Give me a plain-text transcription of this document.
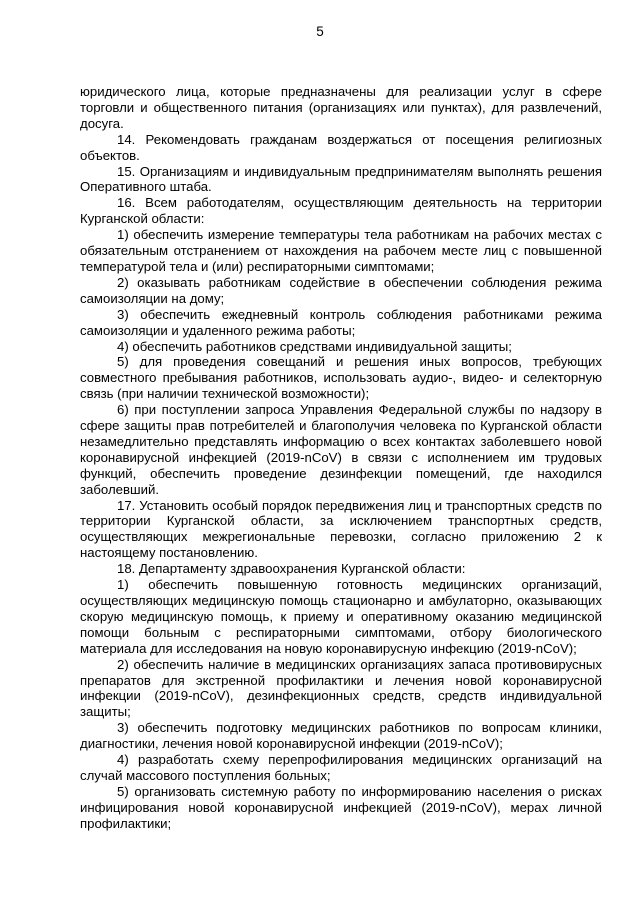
5

юридического лица, которые предназначены для реализации услуг в сфере торговли и общественного питания (организациях или пунктах), для развлечений, досуга.

14. Рекомендовать гражданам воздержаться от посещения религиозных объектов.

15. Организациям и индивидуальным предпринимателям выполнять решения Оперативного штаба.

16. Всем работодателям, осуществляющим деятельность на территории Курганской области:

1) обеспечить измерение температуры тела работникам на рабочих местах с обязательным отстранением от нахождения на рабочем месте лиц с повышенной температурой тела и (или) респираторными симптомами;

2) оказывать работникам содействие в обеспечении соблюдения режима самоизоляции на дому;

3) обеспечить ежедневный контроль соблюдения работниками режима самоизоляции и удаленного режима работы;

4) обеспечить работников средствами индивидуальной защиты;

5) для проведения совещаний и решения иных вопросов, требующих совместного пребывания работников, использовать аудио-, видео- и селекторную связь (при наличии технической возможности);

6) при поступлении запроса Управления Федеральной службы по надзору в сфере защиты прав потребителей и благополучия человека по Курганской области незамедлительно представлять информацию о всех контактах заболевшего новой коронавирусной инфекцией (2019-nCoV) в связи с исполнением им трудовых функций, обеспечить проведение дезинфекции помещений, где находился заболевший.

17. Установить особый порядок передвижения лиц и транспортных средств по территории Курганской области, за исключением транспортных средств, осуществляющих межрегиональные перевозки, согласно приложению 2 к настоящему постановлению.

18. Департаменту здравоохранения Курганской области:

1) обеспечить повышенную готовность медицинских организаций, осуществляющих медицинскую помощь стационарно и амбулаторно, оказывающих скорую медицинскую помощь, к приему и оперативному оказанию медицинской помощи больным с респираторными симптомами, отбору биологического материала для исследования на новую коронавирусную инфекцию (2019-nCoV);

2) обеспечить наличие в медицинских организациях запаса противовирусных препаратов для экстренной профилактики и лечения новой коронавирусной инфекции (2019-nCoV), дезинфекционных средств, средств индивидуальной защиты;

3) обеспечить подготовку медицинских работников по вопросам клиники, диагностики, лечения новой коронавирусной инфекции (2019-nCoV);

4) разработать схему перепрофилирования медицинских организаций на случай массового поступления больных;

5) организовать системную работу по информированию населения о рисках инфицирования новой коронавирусной инфекцией (2019-nCoV), мерах личной профилактики;
